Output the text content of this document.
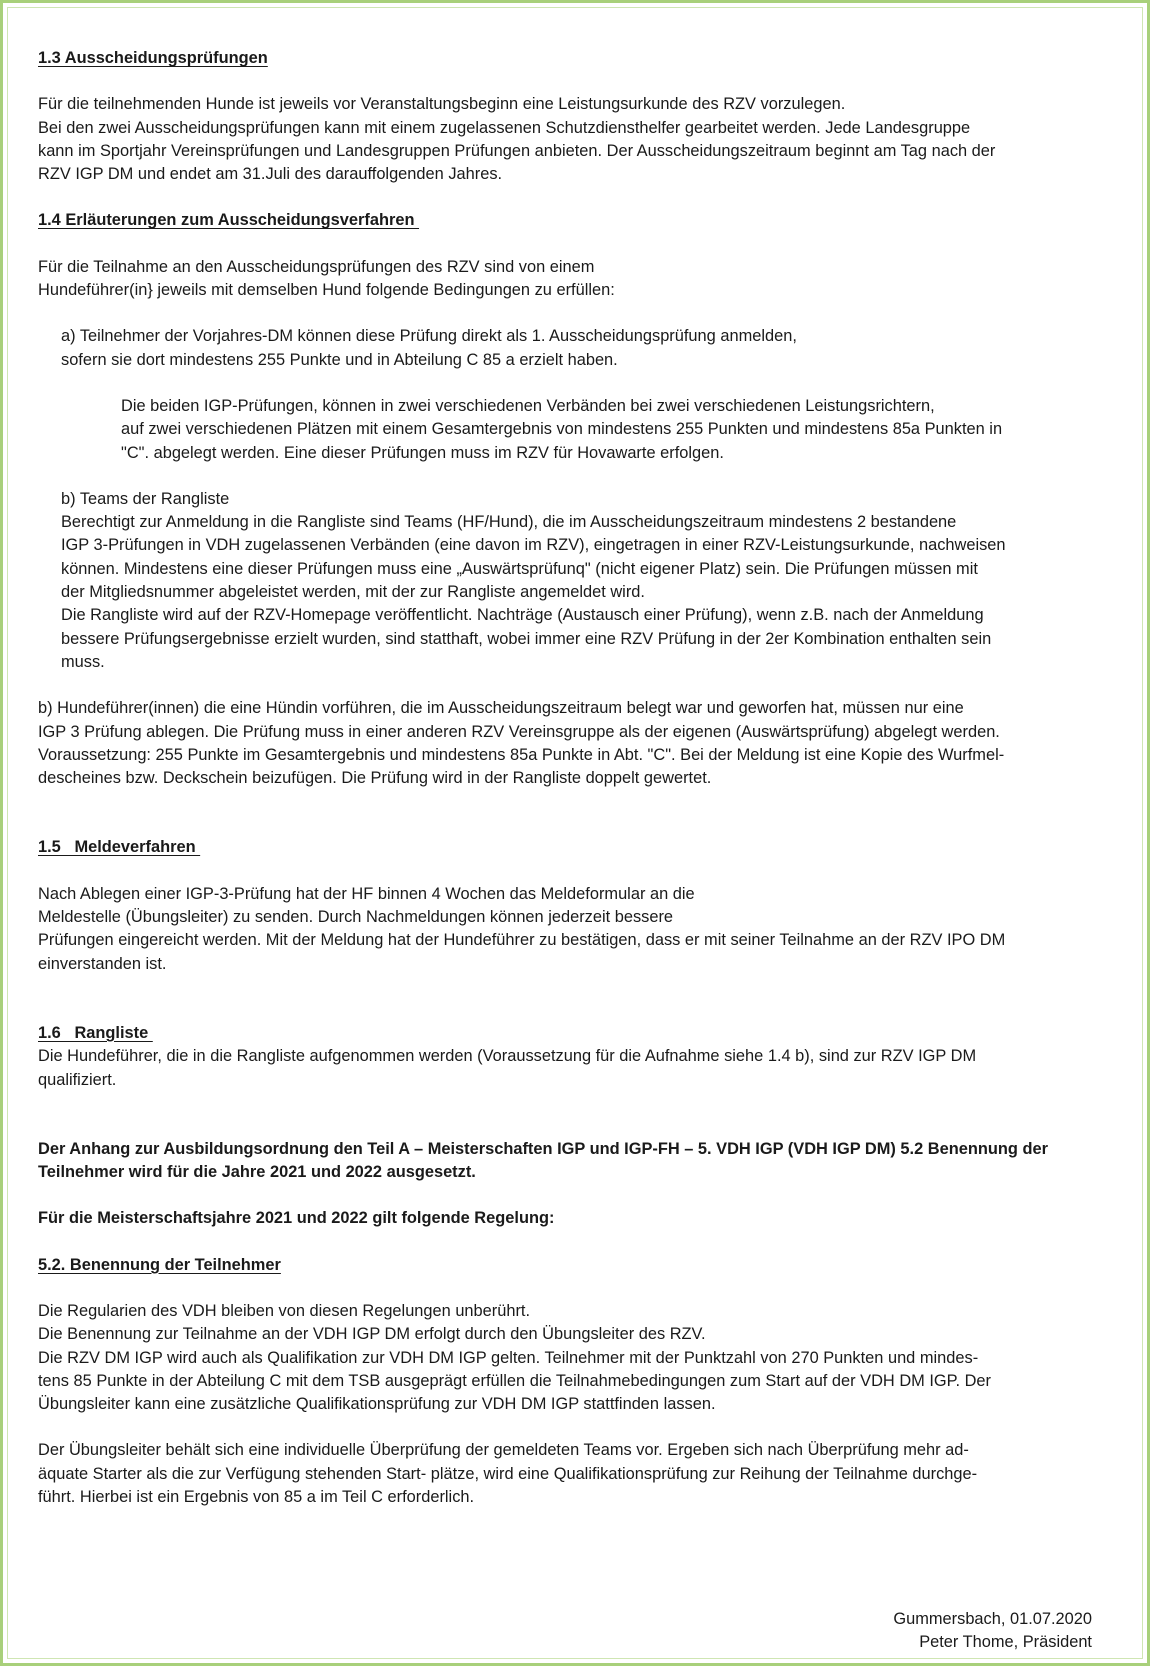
1.3 Ausscheidungsprüfungen

Für die teilnehmenden Hunde ist jeweils vor Veranstaltungsbeginn eine Leistungsurkunde des RZV vorzulegen.

Bei den zwei Ausscheidungsprüfungen kann mit einem zugelassenen Schutzdiensthelfer gearbeitet werden. Jede Landesgruppe

kann im Sportjahr Vereinsprüfungen und Landesgruppen Prüfungen anbieten. Der Ausscheidungszeitraum beginnt am Tag nach der

RZV IGP DM und endet am 31.Juli des darauffolgenden Jahres.

1.4 Erläuterungen zum Ausscheidungsverfahren

Für die Teilnahme an den Ausscheidungsprüfungen des RZV sind von einem

Hundeführer(in} jeweils mit demselben Hund folgende Bedingungen zu erfüllen:

a) Teilnehmer der Vorjahres-DM können diese Prüfung direkt als 1. Ausscheidungsprüfung anmelden,

sofern sie dort mindestens 255 Punkte und in Abteilung C 85 a erzielt haben.

Die beiden IGP-Prüfungen, können in zwei verschiedenen Verbänden bei zwei verschiedenen Leistungsrichtern,

auf zwei verschiedenen Plätzen mit einem Gesamtergebnis von mindestens 255 Punkten und mindestens 85a Punkten in

"C". abgelegt werden. Eine dieser Prüfungen muss im RZV für Hovawarte erfolgen.

b) Teams der Rangliste

Berechtigt zur Anmeldung in die Rangliste sind Teams (HF/Hund), die im Ausscheidungszeitraum mindestens 2 bestandene

IGP 3-Prüfungen in VDH zugelassenen Verbänden (eine davon im RZV), eingetragen in einer RZV-Leistungsurkunde, nachweisen

können. Mindestens eine dieser Prüfungen muss eine „Auswärtsprüfunq" (nicht eigener Platz) sein. Die Prüfungen müssen mit

der Mitgliedsnummer abgeleistet werden, mit der zur Rangliste angemeldet wird.

Die Rangliste wird auf der RZV-Homepage veröffentlicht. Nachträge (Austausch einer Prüfung), wenn z.B. nach der Anmeldung

bessere Prüfungsergebnisse erzielt wurden, sind statthaft, wobei immer eine RZV Prüfung in der 2er Kombination enthalten sein

muss.

b) Hundeführer(innen) die eine Hündin vorführen, die im Ausscheidungszeitraum belegt war und geworfen hat, müssen nur eine

IGP 3 Prüfung ablegen. Die Prüfung muss in einer anderen RZV Vereinsgruppe als der eigenen (Auswärtsprüfung) abgelegt werden.

Voraussetzung: 255 Punkte im Gesamtergebnis und mindestens 85a Punkte in Abt. "C". Bei der Meldung ist eine Kopie des Wurfmel-

descheines bzw. Deckschein beizufügen. Die Prüfung wird in der Rangliste doppelt gewertet.

1.5   Meldeverfahren

Nach Ablegen einer IGP-3-Prüfung hat der HF binnen 4 Wochen das Meldeformular an die

Meldestelle (Übungsleiter) zu senden. Durch Nachmeldungen können jederzeit bessere

Prüfungen eingereicht werden. Mit der Meldung hat der Hundeführer zu bestätigen, dass er mit seiner Teilnahme an der RZV IPO DM

einverstanden ist.

1.6   Rangliste

Die Hundeführer, die in die Rangliste aufgenommen werden (Voraussetzung für die Aufnahme siehe 1.4 b), sind zur RZV IGP DM

qualifiziert.

Der Anhang zur Ausbildungsordnung den Teil A – Meisterschaften IGP und IGP-FH – 5. VDH IGP (VDH IGP DM) 5.2 Benennung der

Teilnehmer wird für die Jahre 2021 und 2022 ausgesetzt.

Für die Meisterschaftsjahre 2021 und 2022 gilt folgende Regelung:

5.2. Benennung der Teilnehmer

Die Regularien des VDH bleiben von diesen Regelungen unberührt.

Die Benennung zur Teilnahme an der VDH IGP DM erfolgt durch den Übungsleiter des RZV.

Die RZV DM IGP wird auch als Qualifikation zur VDH DM IGP gelten. Teilnehmer mit der Punktzahl von 270 Punkten und mindes-

tens 85 Punkte in der Abteilung C mit dem TSB ausgeprägt erfüllen die Teilnahmebedingungen zum Start auf der VDH DM IGP. Der

Übungsleiter kann eine zusätzliche Qualifikationsprüfung zur VDH DM IGP stattfinden lassen.

Der Übungsleiter behält sich eine individuelle Überprüfung der gemeldeten Teams vor. Ergeben sich nach Überprüfung mehr ad-

äquate Starter als die zur Verfügung stehenden Start- plätze, wird eine Qualifikationsprüfung zur Reihung der Teilnahme durchge-

führt. Hierbei ist ein Ergebnis von 85 a im Teil C erforderlich.

Gummersbach, 01.07.2020

Peter Thome, Präsident
